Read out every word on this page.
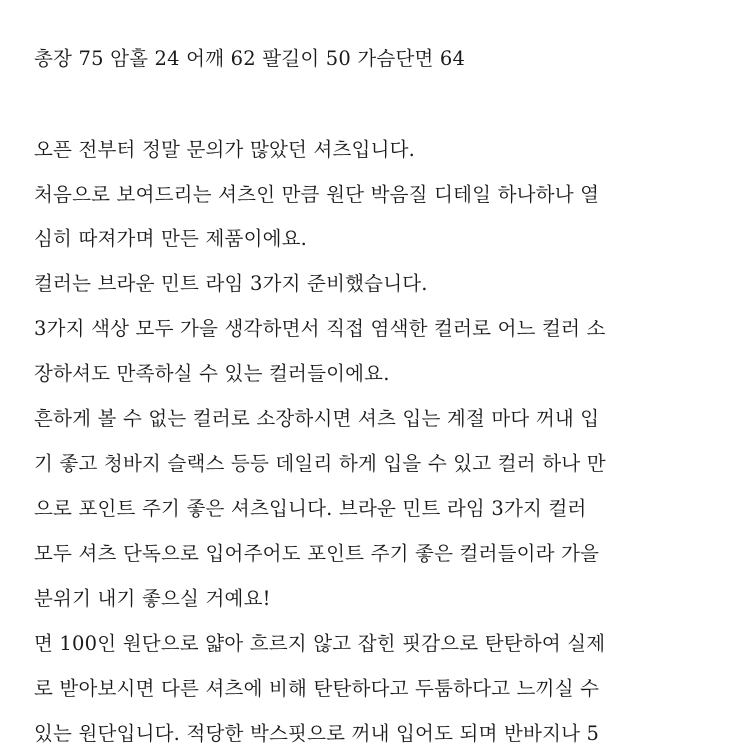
총장 75 암홀 24 어깨 62 팔길이 50 가슴단면 64
오픈 전부터 정말 문의가 많았던 셔츠입니다.
처음으로 보여드리는 셔츠인 만큼 원단 박음질 디테일 하나하나 열
심히 따져가며 만든 제품이에요.
컬러는 브라운 민트 라임 3가지 준비했습니다.
3가지 색상 모두 가을 생각하면서 직접 염색한 컬러로 어느 컬러 소
장하셔도 만족하실 수 있는 컬러들이에요.
흔하게 볼 수 없는 컬러로 소장하시면 셔츠 입는 계절 마다 꺼내 입
기 좋고 청바지 슬랙스 등등 데일리 하게 입을 수 있고 컬러 하나 만
으로 포인트 주기 좋은 셔츠입니다. 브라운 민트 라임 3가지 컬러
모두 셔츠 단독으로 입어주어도 포인트 주기 좋은 컬러들이라 가을
분위기 내기 좋으실 거예요!
면 100인 원단으로 얇아 흐르지 않고 잡힌 핏감으로 탄탄하여 실제
로 받아보시면 다른 셔츠에 비해 탄탄하다고 두툼하다고 느끼실 수
있는 원단입니다. 적당한 박스핏으로 꺼내 입어도 되며 반바지나 5
